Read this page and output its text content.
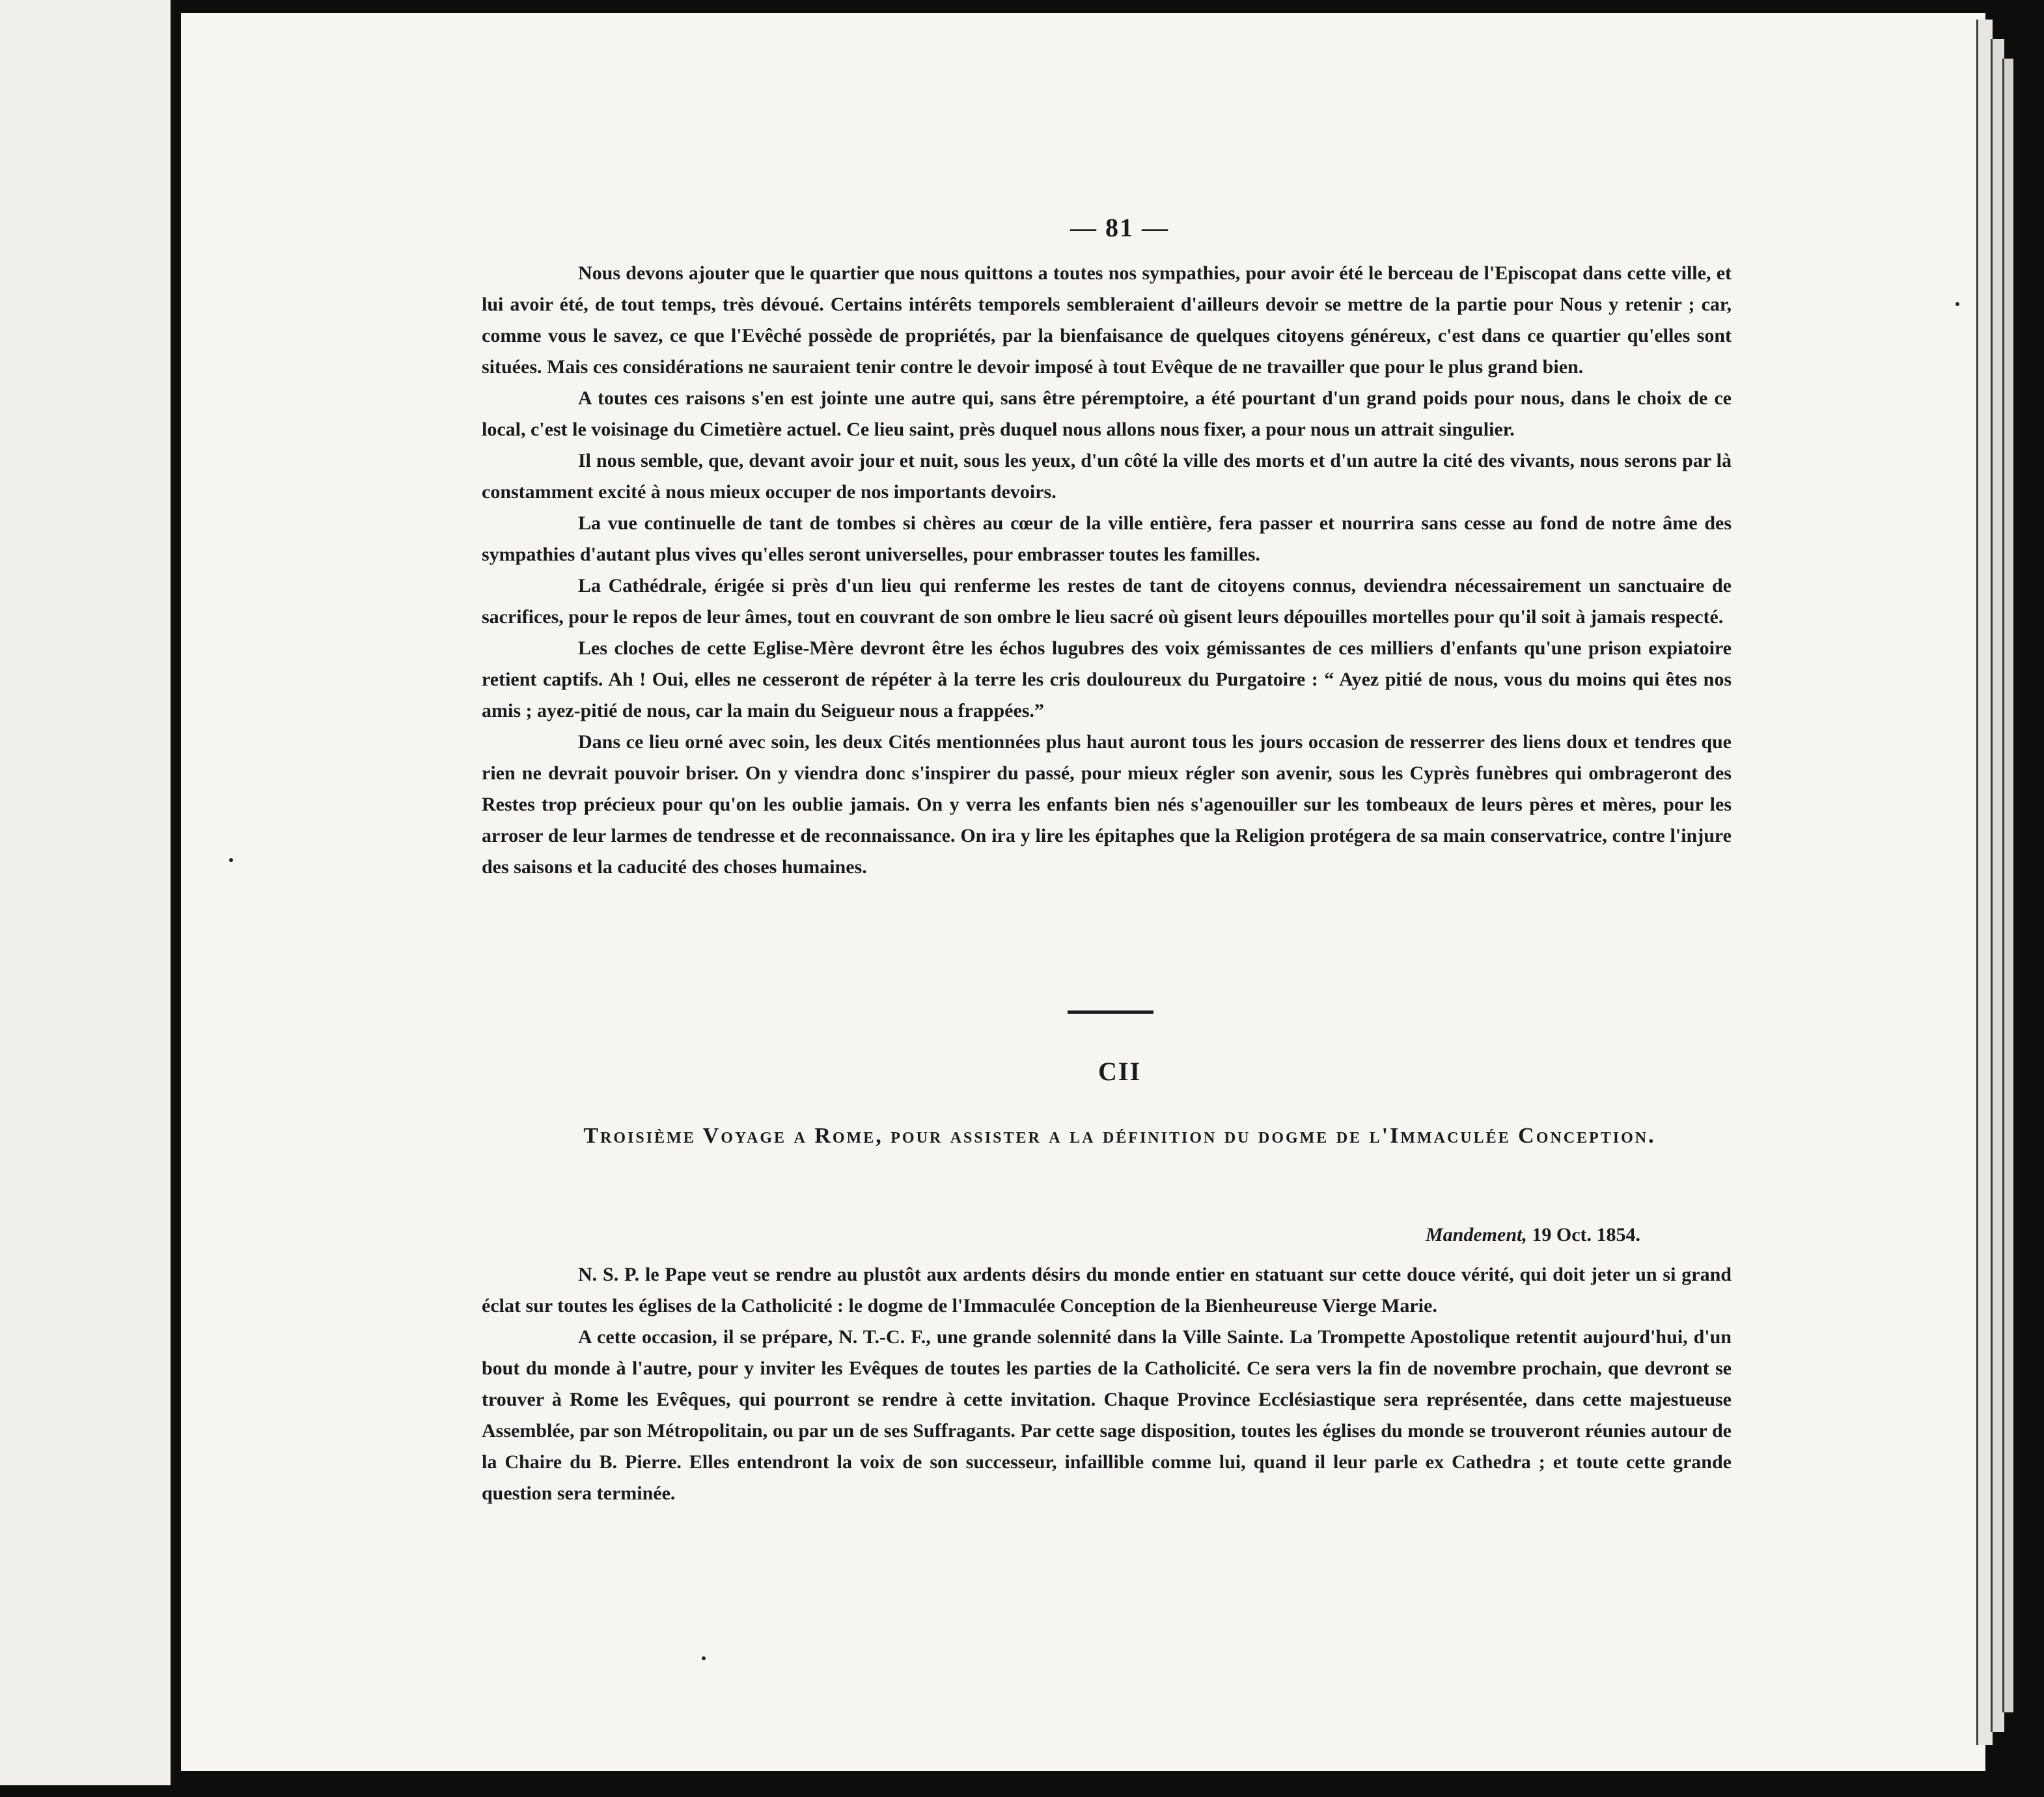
— 81 —

Nous devons ajouter que le quartier que nous quittons a toutes nos sympathies, pour avoir été le berceau de l'Episcopat dans cette ville, et lui avoir été, de tout temps, très dévoué. Certains intérêts temporels sembleraient d'ailleurs devoir se mettre de la partie pour Nous y retenir ; car, comme vous le savez, ce que l'Evêché possède de propriétés, par la bienfaisance de quelques citoyens généreux, c'est dans ce quartier qu'elles sont situées. Mais ces considérations ne sauraient tenir contre le devoir imposé à tout Evêque de ne travailler que pour le plus grand bien.

A toutes ces raisons s'en est jointe une autre qui, sans être péremptoire, a été pourtant d'un grand poids pour nous, dans le choix de ce local, c'est le voisinage du Cimetière actuel. Ce lieu saint, près duquel nous allons nous fixer, a pour nous un attrait singulier.

Il nous semble, que, devant avoir jour et nuit, sous les yeux, d'un côté la ville des morts et d'un autre la cité des vivants, nous serons par là constamment excité à nous mieux occuper de nos importants devoirs.

La vue continuelle de tant de tombes si chères au cœur de la ville entière, fera passer et nourrira sans cesse au fond de notre âme des sympathies d'autant plus vives qu'elles seront universelles, pour embrasser toutes les familles.

La Cathédrale, érigée si près d'un lieu qui renferme les restes de tant de citoyens connus, deviendra nécessairement un sanctuaire de sacrifices, pour le repos de leur âmes, tout en couvrant de son ombre le lieu sacré où gisent leurs dépouilles mortelles pour qu'il soit à jamais respecté.

Les cloches de cette Eglise-Mère devront être les échos lugubres des voix gémissantes de ces milliers d'enfants qu'une prison expiatoire retient captifs. Ah ! Oui, elles ne cesseront de répéter à la terre les cris douloureux du Purgatoire : “ Ayez pitié de nous, vous du moins qui êtes nos amis ; ayez-pitié de nous, car la main du Seigueur nous a frappées.”

Dans ce lieu orné avec soin, les deux Cités mentionnées plus haut auront tous les jours occasion de resserrer des liens doux et tendres que rien ne devrait pouvoir briser. On y viendra donc s'inspirer du passé, pour mieux régler son avenir, sous les Cyprès funèbres qui ombrageront des Restes trop précieux pour qu'on les oublie jamais. On y verra les enfants bien nés s'agenouiller sur les tombeaux de leurs pères et mères, pour les arroser de leur larmes de tendresse et de reconnaissance. On ira y lire les épitaphes que la Religion protégera de sa main conservatrice, contre l'injure des saisons et la caducité des choses humaines.

CII
Troisième Voyage a Rome, pour assister a la définition du dogme de l'Immaculée Conception.
Mandement, 19 Oct. 1854.

N. S. P. le Pape veut se rendre au plustôt aux ardents désirs du monde entier en statuant sur cette douce vérité, qui doit jeter un si grand éclat sur toutes les églises de la Catholicité : le dogme de l'Immaculée Conception de la Bienheureuse Vierge Marie.

A cette occasion, il se prépare, N. T.-C. F., une grande solennité dans la Ville Sainte. La Trompette Apostolique retentit aujourd'hui, d'un bout du monde à l'autre, pour y inviter les Evêques de toutes les parties de la Catholicité. Ce sera vers la fin de novembre prochain, que devront se trouver à Rome les Evêques, qui pourront se rendre à cette invitation. Chaque Province Ecclésiastique sera représentée, dans cette majestueuse Assemblée, par son Métropolitain, ou par un de ses Suffragants. Par cette sage disposition, toutes les églises du monde se trouveront réunies autour de la Chaire du B. Pierre. Elles entendront la voix de son successeur, infaillible comme lui, quand il leur parle ex Cathedra ; et toute cette grande question sera terminée.
